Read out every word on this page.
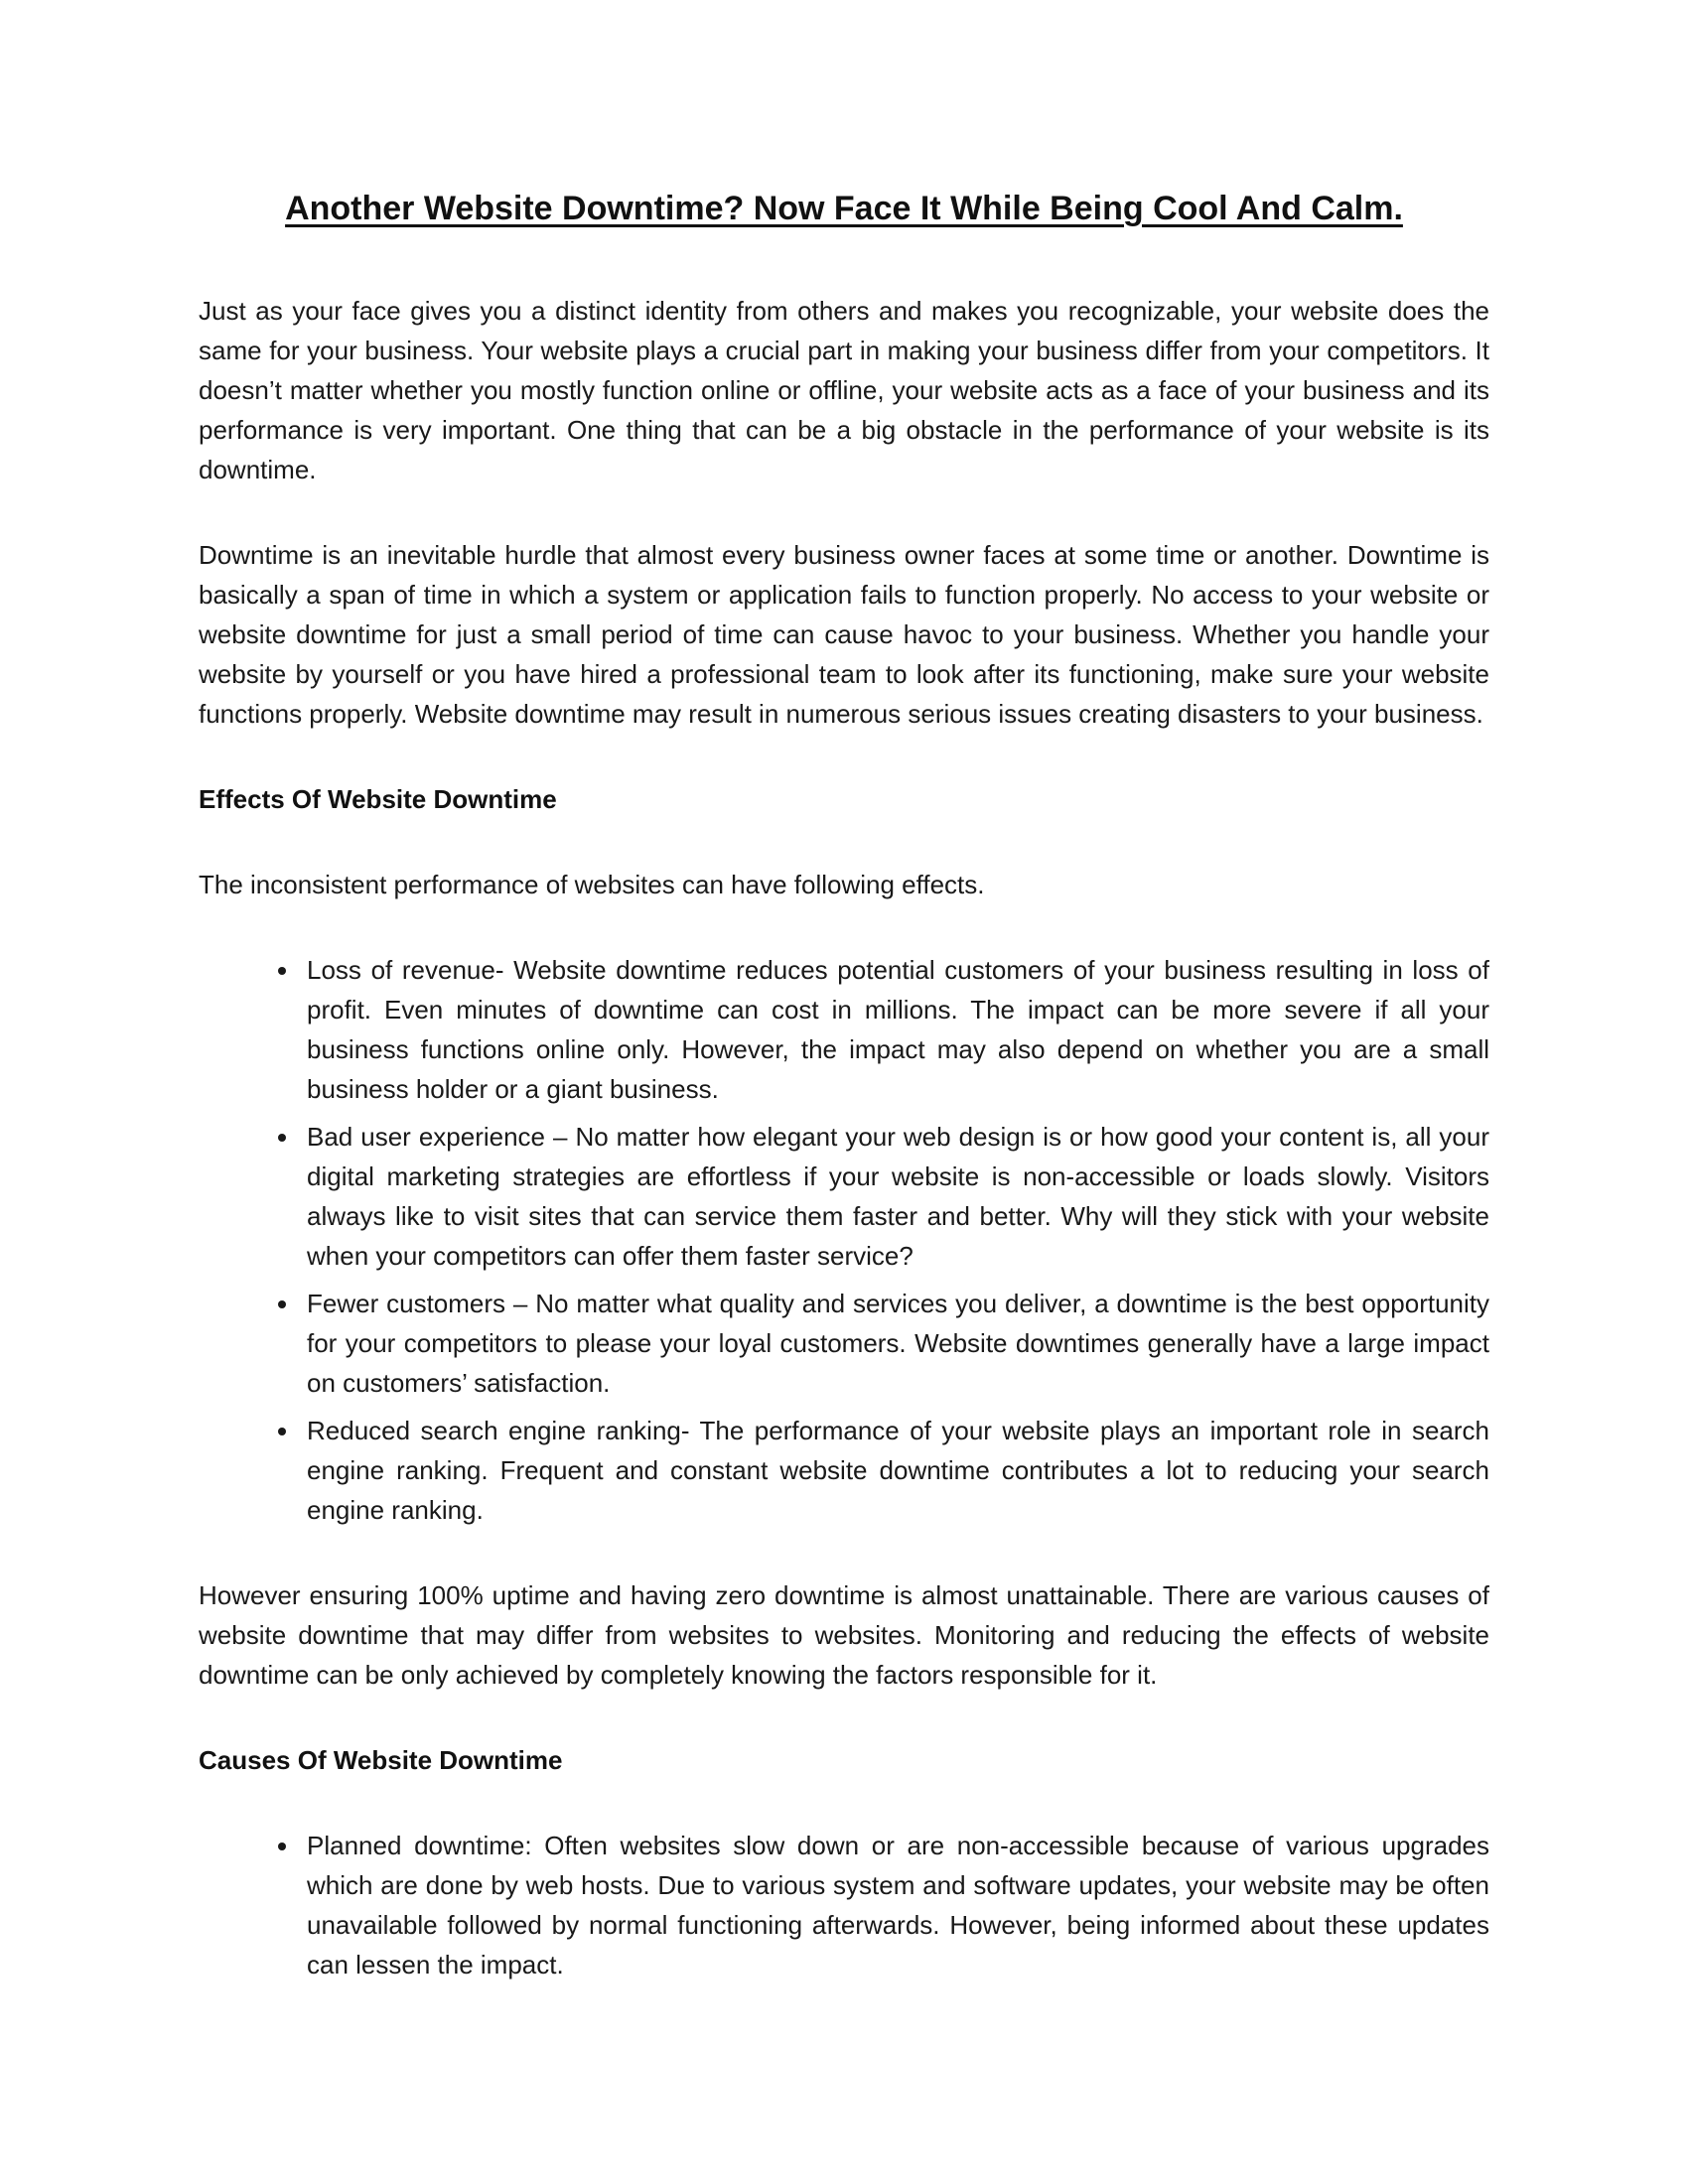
Another Website Downtime? Now Face It While Being Cool And Calm.

Just as your face gives you a distinct identity from others and makes you recognizable, your website does the same for your business. Your website plays a crucial part in making your business differ from your competitors. It doesn’t matter whether you mostly function online or offline, your website acts as a face of your business and its performance is very important. One thing that can be a big obstacle in the performance of your website is its downtime.

Downtime is an inevitable hurdle that almost every business owner faces at some time or another. Downtime is basically a span of time in which a system or application fails to function properly. No access to your website or website downtime for just a small period of time can cause havoc to your business. Whether you handle your website by yourself or you have hired a professional team to look after its functioning, make sure your website functions properly. Website downtime may result in numerous serious issues creating disasters to your business.

Effects Of Website Downtime

The inconsistent performance of websites can have following effects.

• Loss of revenue- Website downtime reduces potential customers of your business resulting in loss of profit. Even minutes of downtime can cost in millions. The impact can be more severe if all your business functions online only. However, the impact may also depend on whether you are a small business holder or a giant business.
• Bad user experience – No matter how elegant your web design is or how good your content is, all your digital marketing strategies are effortless if your website is non-accessible or loads slowly. Visitors always like to visit sites that can service them faster and better. Why will they stick with your website when your competitors can offer them faster service?
• Fewer customers – No matter what quality and services you deliver, a downtime is the best opportunity for your competitors to please your loyal customers. Website downtimes generally have a large impact on customers’ satisfaction.
• Reduced search engine ranking- The performance of your website plays an important role in search engine ranking. Frequent and constant website downtime contributes a lot to reducing your search engine ranking.

However ensuring 100% uptime and having zero downtime is almost unattainable. There are various causes of website downtime that may differ from websites to websites. Monitoring and reducing the effects of website downtime can be only achieved by completely knowing the factors responsible for it.

Causes Of Website Downtime
• Planned downtime: Often websites slow down or are non-accessible because of various upgrades which are done by web hosts. Due to various system and software updates, your website may be often unavailable followed by normal functioning afterwards. However, being informed about these updates can lessen the impact.
